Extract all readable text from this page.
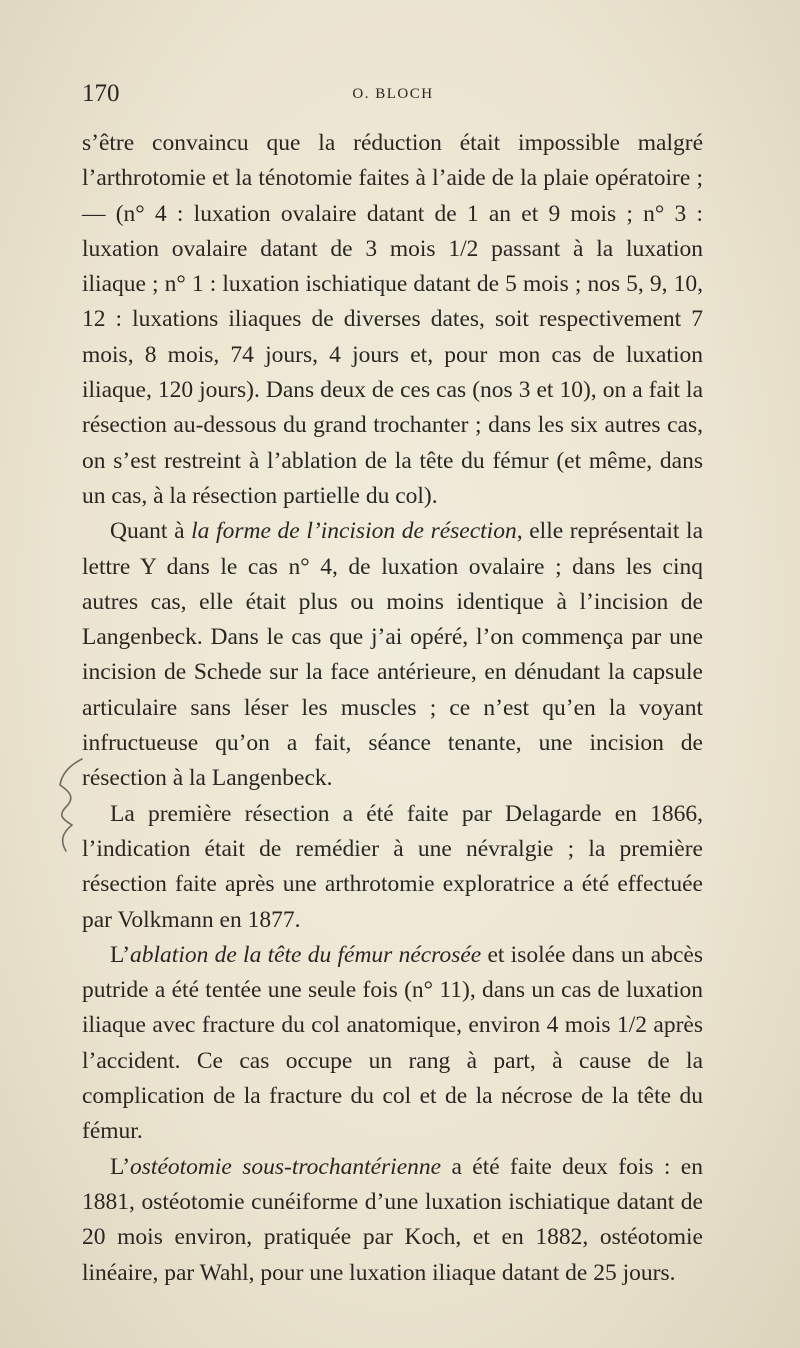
170	O. BLOCH

s’être convaincu que la réduction était impossible malgré l’arthrotomie et la ténotomie faites à l’aide de la plaie opératoire ; — (n° 4 : luxation ovalaire datant de 1 an et 9 mois ; n° 3 : luxation ovalaire datant de 3 mois 1/2 passant à la luxation iliaque ; n° 1 : luxation ischiatique datant de 5 mois ; nos 5, 9, 10, 12 : luxations iliaques de diverses dates, soit respectivement 7 mois, 8 mois, 74 jours, 4 jours et, pour mon cas de luxation iliaque, 120 jours). Dans deux de ces cas (nos 3 et 10), on a fait la résection au-dessous du grand trochanter ; dans les six autres cas, on s’est restreint à l’ablation de la tête du fémur (et même, dans un cas, à la résection partielle du col).

Quant à la forme de l’incision de résection, elle représentait la lettre Y dans le cas n° 4, de luxation ovalaire ; dans les cinq autres cas, elle était plus ou moins identique à l’incision de Langenbeck. Dans le cas que j’ai opéré, l’on commença par une incision de Schede sur la face antérieure, en dénudant la capsule articulaire sans léser les muscles ; ce n’est qu’en la voyant infructueuse qu’on a fait, séance tenante, une incision de résection à la Langenbeck.

La première résection a été faite par Delagarde en 1866, l’indication était de remédier à une névralgie ; la première résection faite après une arthrotomie exploratrice a été effectuée par Volkmann en 1877.

L’ablation de la tête du fémur nécrosée et isolée dans un abcès putride a été tentée une seule fois (n° 11), dans un cas de luxation iliaque avec fracture du col anatomique, environ 4 mois 1/2 après l’accident. Ce cas occupe un rang à part, à cause de la complication de la fracture du col et de la nécrose de la tête du fémur.

L’ostéotomie sous-trochantérienne a été faite deux fois : en 1881, ostéotomie cunéiforme d’une luxation ischiatique datant de 20 mois environ, pratiquée par Koch, et en 1882, ostéotomie linéaire, par Wahl, pour une luxation iliaque datant de 25 jours.
